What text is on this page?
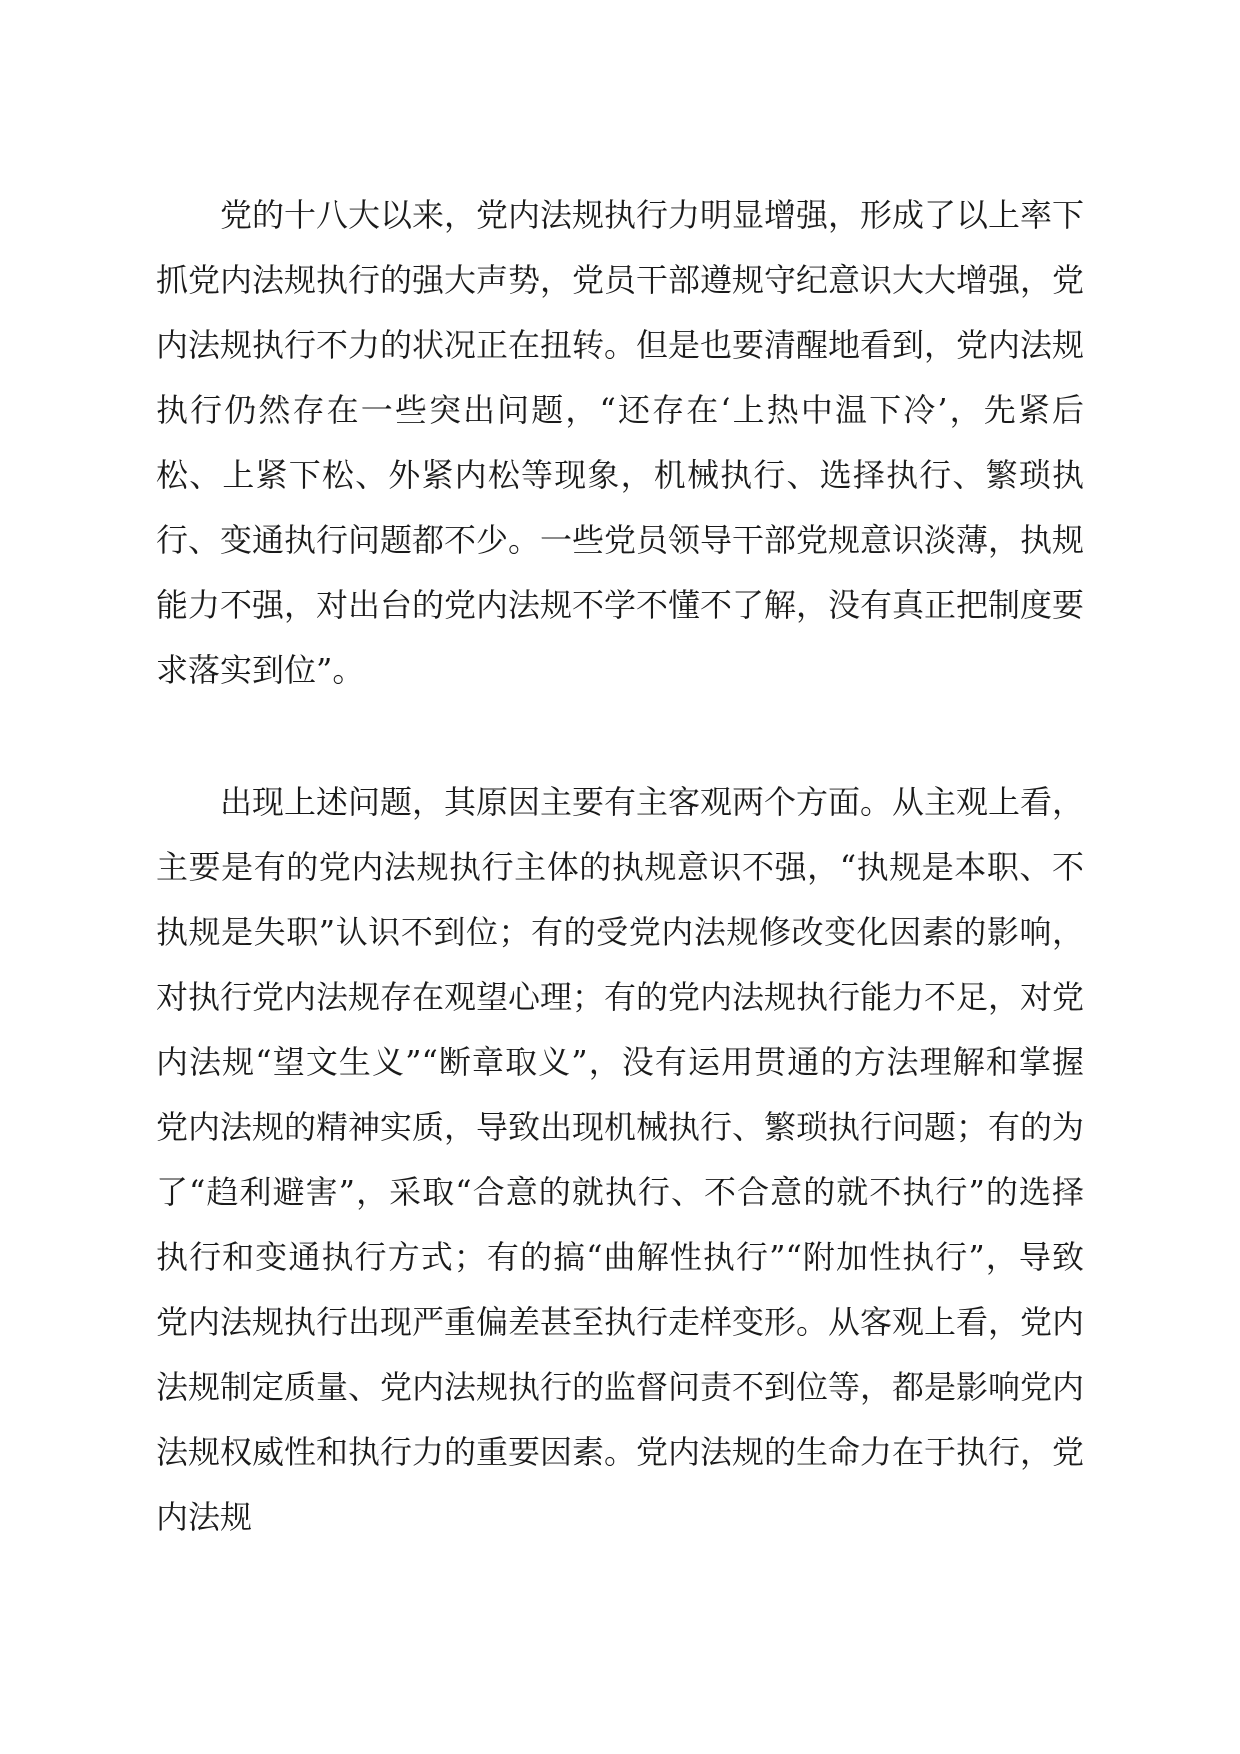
党的十八大以来，党内法规执行力明显增强，形成了以上率下抓党内法规执行的强大声势，党员干部遵规守纪意识大大增强，党内法规执行不力的状况正在扭转。但是也要清醒地看到，党内法规执行仍然存在一些突出问题，“还存在‘上热中温下冷’，先紧后松、上紧下松、外紧内松等现象，机械执行、选择执行、繁琐执行、变通执行问题都不少。一些党员领导干部党规意识淡薄，执规能力不强，对出台的党内法规不学不懂不了解，没有真正把制度要求落实到位”。

出现上述问题，其原因主要有主客观两个方面。从主观上看，主要是有的党内法规执行主体的执规意识不强，“执规是本职、不执规是失职”认识不到位；有的受党内法规修改变化因素的影响，对执行党内法规存在观望心理；有的党内法规执行能力不足，对党内法规“望文生义”“断章取义”，没有运用贯通的方法理解和掌握党内法规的精神实质，导致出现机械执行、繁琐执行问题；有的为了“趋利避害”，采取“合意的就执行、不合意的就不执行”的选择执行和变通执行方式；有的搞“曲解性执行”“附加性执行”，导致党内法规执行出现严重偏差甚至执行走样变形。从客观上看，党内法规制定质量、党内法规执行的监督问责不到位等，都是影响党内法规权威性和执行力的重要因素。党内法规的生命力在于执行，党内法规
